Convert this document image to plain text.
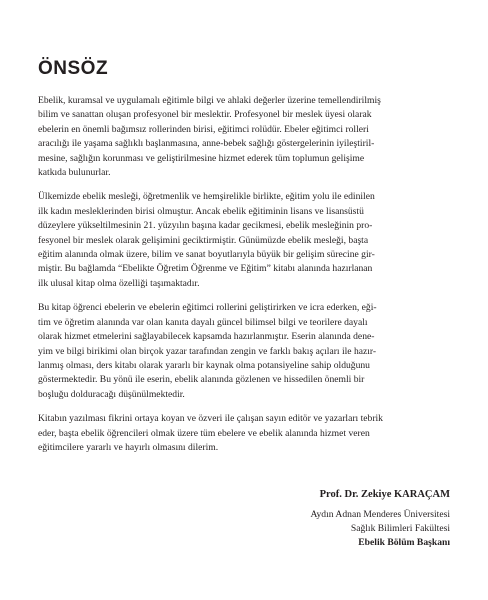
ÖNSÖZ
Ebelik, kuramsal ve uygulamalı eğitimle bilgi ve ahlaki değerler üzerine temellendirilmiş
bilim ve sanattan oluşan profesyonel bir meslektir. Profesyonel bir meslek üyesi olarak
ebelerin en önemli bağımsız rollerinden birisi, eğitimci rolüdür. Ebeler eğitimci rolleri
aracılığı ile yaşama sağlıklı başlanmasına, anne-bebek sağlığı göstergelerinin iyileştiril-
mesine, sağlığın korunması ve geliştirilmesine hizmet ederek tüm toplumun gelişime
katkıda bulunurlar.
Ülkemizde ebelik mesleği, öğretmenlik ve hemşirelikle birlikte, eğitim yolu ile edinilen
ilk kadın mesleklerinden birisi olmuştur. Ancak ebelik eğitiminin lisans ve lisansüstü
düzeylere yükseltilmesinin 21. yüzyılın başına kadar gecikmesi, ebelik mesleğinin pro-
fesyonel bir meslek olarak gelişimini geciktirmiştir. Günümüzde ebelik mesleği, başta
eğitim alanında olmak üzere, bilim ve sanat boyutlarıyla büyük bir gelişim sürecine gir-
miştir. Bu bağlamda “Ebelikte Öğretim Öğrenme ve Eğitim” kitabı alanında hazırlanan
ilk ulusal kitap olma özelliği taşımaktadır.
Bu kitap öğrenci ebelerin ve ebelerin eğitimci rollerini geliştirirken ve icra ederken, eği-
tim ve öğretim alanında var olan kanıta dayalı güncel bilimsel bilgi ve teorilere dayalı
olarak hizmet etmelerini sağlayabilecek kapsamda hazırlanmıştır. Eserin alanında dene-
yim ve bilgi birikimi olan birçok yazar tarafından zengin ve farklı bakış açıları ile hazır-
lanmış olması, ders kitabı olarak yararlı bir kaynak olma potansiyeline sahip olduğunu
göstermektedir. Bu yönü ile eserin, ebelik alanında gözlenen ve hissedilen önemli bir
boşluğu dolduracağı düşünülmektedir.
Kitabın yazılması fikrini ortaya koyan ve özveri ile çalışan sayın editör ve yazarları tebrik
eder, başta ebelik öğrencileri olmak üzere tüm ebelere ve ebelik alanında hizmet veren
eğitimcilere yararlı ve hayırlı olmasını dilerim.
Prof. Dr. Zekiye KARAÇAM
Aydın Adnan Menderes Üniversitesi
Sağlık Bilimleri Fakültesi
Ebelik Bölüm Başkanı
